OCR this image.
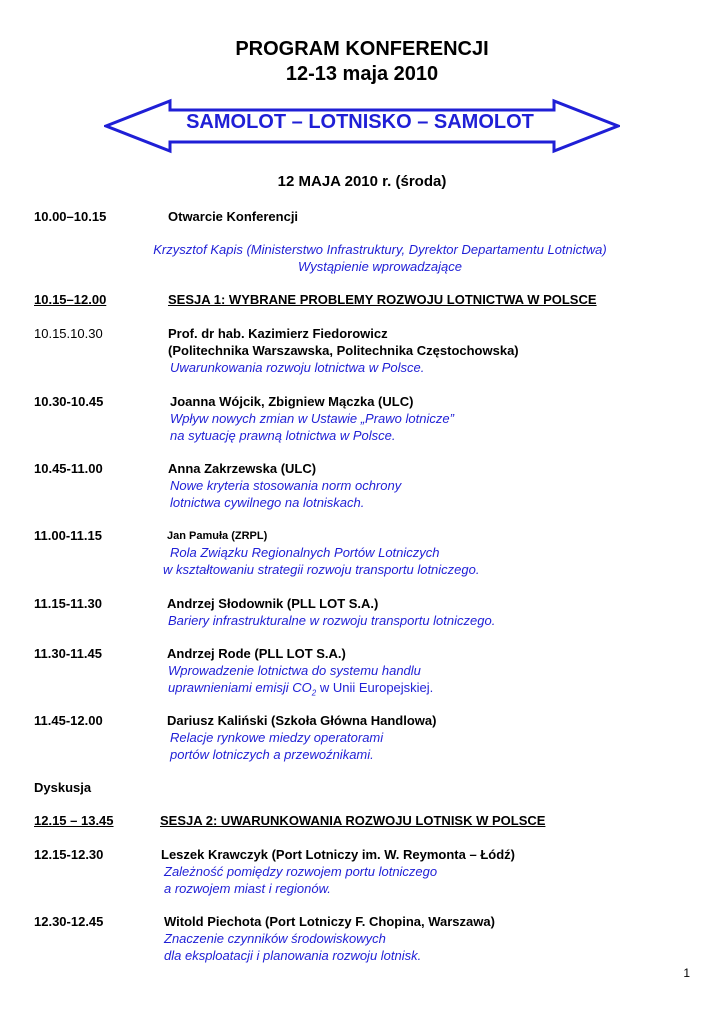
PROGRAM KONFERENCJI
12-13 maja 2010
SAMOLOT – LOTNISKO – SAMOLOT
12 MAJA 2010 r. (środa)
10.00–10.15	Otwarcie Konferencji
Krzysztof Kapis (Ministerstwo Infrastruktury, Dyrektor Departamentu Lotnictwa)
Wystąpienie wprowadzające
10.15–12.00	SESJA 1: WYBRANE PROBLEMY ROZWOJU LOTNICTWA W POLSCE
10.15.10.30	Prof. dr hab. Kazimierz Fiedorowicz
(Politechnika Warszawska, Politechnika Częstochowska)
Uwarunkowania rozwoju lotnictwa w Polsce.
10.30-10.45	Joanna Wójcik, Zbigniew Mączka (ULC)
Wpływ nowych zmian w Ustawie „Prawo lotnicze”
na sytuację prawną lotnictwa w Polsce.
10.45-11.00	Anna Zakrzewska (ULC)
Nowe kryteria stosowania norm ochrony
lotnictwa cywilnego na lotniskach.
11.00-11.15	Jan Pamuła (ZRPL)
Rola Związku Regionalnych Portów Lotniczych
w kształtowaniu strategii rozwoju transportu lotniczego.
11.15-11.30	Andrzej Słodownik (PLL LOT S.A.)
Bariery infrastrukturalne w rozwoju transportu lotniczego.
11.30-11.45	Andrzej Rode (PLL LOT S.A.)
Wprowadzenie lotnictwa do systemu handlu
uprawnieniami emisji $CO_2$ w Unii Europejskiej.
11.45-12.00	Dariusz Kaliński (Szkoła Główna Handlowa)
Relacje rynkowe miedzy operatorami
portów lotniczych a przewoźnikami.
Dyskusja
12.15 – 13.45	SESJA 2: UWARUNKOWANIA ROZWOJU LOTNISK W POLSCE
12.15-12.30	Leszek Krawczyk (Port Lotniczy im. W. Reymonta – Łódź)
Zależność pomiędzy rozwojem portu lotniczego
a rozwojem miast i regionów.
12.30-12.45	Witold Piechota (Port Lotniczy F. Chopina, Warszawa)
Znaczenie czynników środowiskowych
dla eksploatacji i planowania rozwoju lotnisk.
1
